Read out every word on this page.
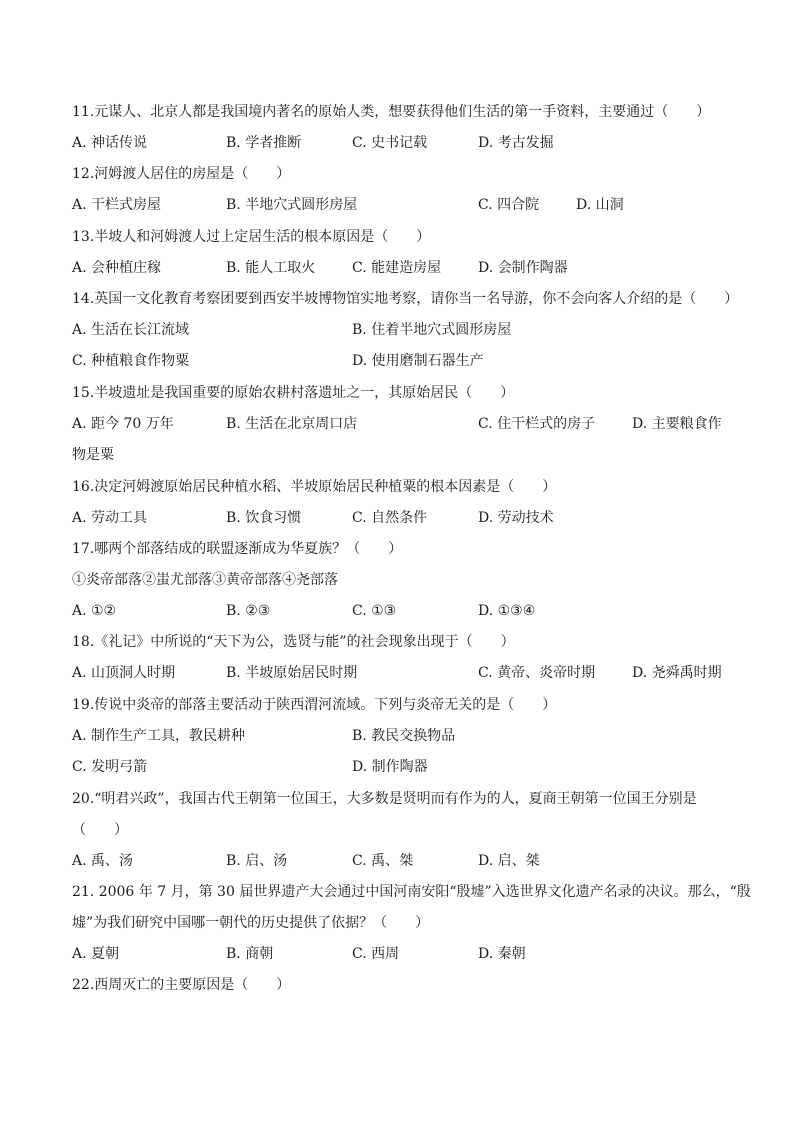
11.元谋人、北京人都是我国境内著名的原始人类，想要获得他们生活的第一手资料，主要通过（　　）
A. 神话传说	B. 学者推断	C. 史书记载	D. 考古发掘
12.河姆渡人居住的房屋是（　　）
A. 干栏式房屋	B. 半地穴式圆形房屋	C. 四合院	D. 山洞
13.半坡人和河姆渡人过上定居生活的根本原因是（　　）
A. 会种植庄稼	B. 能人工取火	C. 能建造房屋	D. 会制作陶器
14.英国一文化教育考察团要到西安半坡博物馆实地考察，请你当一名导游，你不会向客人介绍的是（　　）
A. 生活在长江流域	B. 住着半地穴式圆形房屋
C. 种植粮食作物粟	D. 使用磨制石器生产
15.半坡遗址是我国重要的原始农耕村落遗址之一，其原始居民（　　）
A. 距今 70 万年	B. 生活在北京周口店	C. 住干栏式的房子	D. 主要粮食作
物是粟
16.决定河姆渡原始居民种植水稻、半坡原始居民种植粟的根本因素是（　　）
A. 劳动工具	B. 饮食习惯	C. 自然条件	D. 劳动技术
17.哪两个部落结成的联盟逐渐成为华夏族？（　　）
①炎帝部落②蚩尤部落③黄帝部落④尧部落
A. ①②	B. ②③	C. ①③	D. ①③④
18.《礼记》中所说的“天下为公，选贤与能”的社会现象出现于（　　）
A. 山顶洞人时期	B. 半坡原始居民时期	C. 黄帝、炎帝时期	D. 尧舜禹时期
19.传说中炎帝的部落主要活动于陕西渭河流域。下列与炎帝无关的是（　　）
A. 制作生产工具，教民耕种	B. 教民交换物品
C. 发明弓箭	D. 制作陶器
20.“明君兴政”，我国古代王朝第一位国王，大多数是贤明而有作为的人，夏商王朝第一位国王分别是
（　　）
A. 禹、汤	B. 启、汤	C. 禹、桀	D. 启、桀
21. 2006 年 7 月，第 30 届世界遗产大会通过中国河南安阳“殷墟”入选世界文化遗产名录的决议。那么，“殷
墟”为我们研究中国哪一朝代的历史提供了依据？（　　）
A. 夏朝	B. 商朝	C. 西周	D. 秦朝
22.西周灭亡的主要原因是（　　）
